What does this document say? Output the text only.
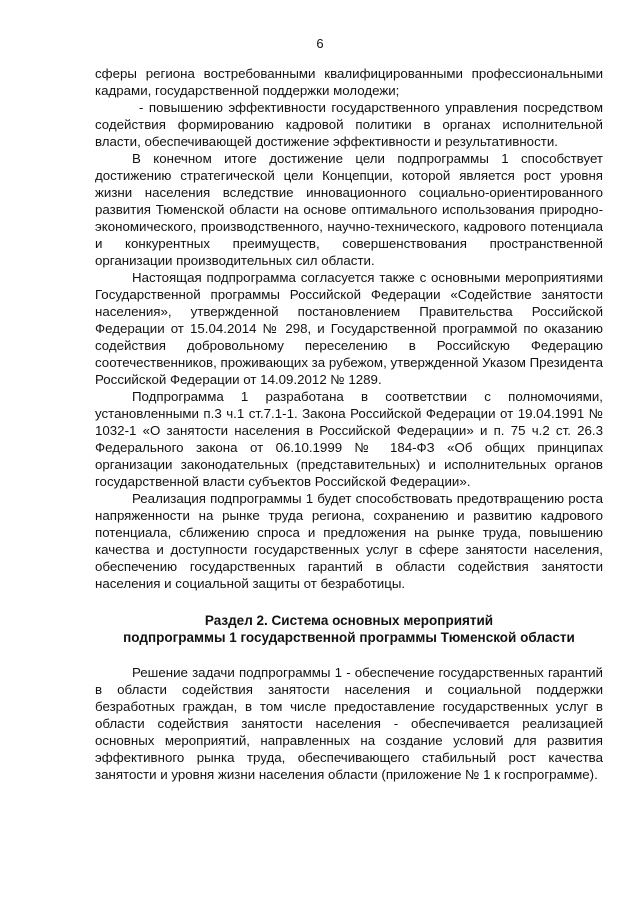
6

сферы региона востребованными квалифицированными профессиональными кадрами, государственной поддержки молодежи;

- повышению эффективности государственного управления посредством содействия формированию кадровой политики в органах исполнительной власти, обеспечивающей достижение эффективности и результативности.

В конечном итоге достижение цели подпрограммы 1 способствует достижению стратегической цели Концепции, которой является рост уровня жизни населения вследствие инновационного социально-ориентированного развития Тюменской области на основе оптимального использования природно-экономического, производственного, научно-технического, кадрового потенциала и конкурентных преимуществ, совершенствования пространственной организации производительных сил области.

Настоящая подпрограмма согласуется также с основными мероприятиями Государственной программы Российской Федерации «Содействие занятости населения», утвержденной постановлением Правительства Российской Федерации от 15.04.2014 № 298, и Государственной программой по оказанию содействия добровольному переселению в Российскую Федерацию соотечественников, проживающих за рубежом, утвержденной Указом Президента Российской Федерации от 14.09.2012 № 1289.

Подпрограмма 1 разработана в соответствии с полномочиями, установленными п.3 ч.1 ст.7.1-1. Закона Российской Федерации от 19.04.1991 № 1032-1 «О занятости населения в Российской Федерации» и п. 75 ч.2 ст. 26.3 Федерального закона от 06.10.1999 № 184-ФЗ «Об общих принципах организации законодательных (представительных) и исполнительных органов государственной власти субъектов Российской Федерации».

Реализация подпрограммы 1 будет способствовать предотвращению роста напряженности на рынке труда региона, сохранению и развитию кадрового потенциала, сближению спроса и предложения на рынке труда, повышению качества и доступности государственных услуг в сфере занятости населения, обеспечению государственных гарантий в области содействия занятости населения и социальной защиты от безработицы.

Раздел 2. Система основных мероприятий
подпрограммы 1 государственной программы Тюменской области

Решение задачи подпрограммы 1 - обеспечение государственных гарантий в области содействия занятости населения и социальной поддержки безработных граждан, в том числе предоставление государственных услуг в области содействия занятости населения - обеспечивается реализацией основных мероприятий, направленных на создание условий для развития эффективного рынка труда, обеспечивающего стабильный рост качества занятости и уровня жизни населения области (приложение № 1 к госпрограмме).
